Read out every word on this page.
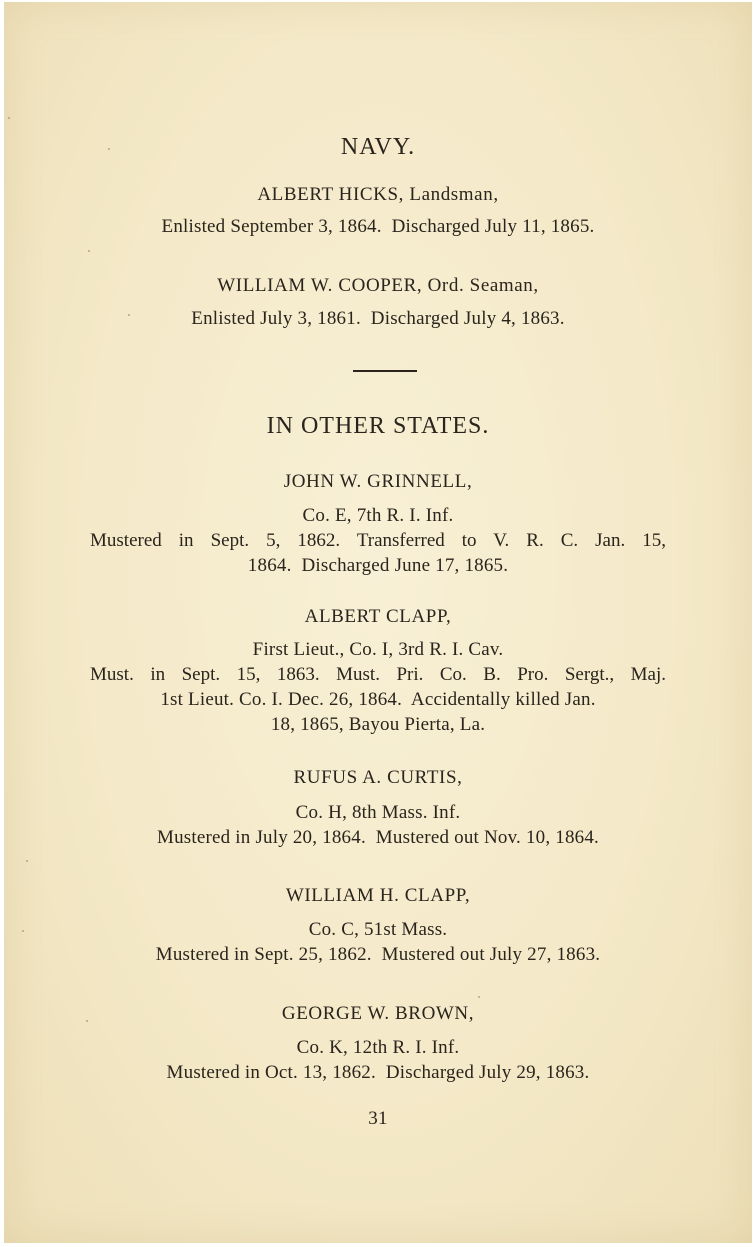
NAVY.
ALBERT HICKS, Landsman,
Enlisted September 3, 1864.  Discharged July 11, 1865.
WILLIAM W. COOPER, Ord. Seaman,
Enlisted July 3, 1861.  Discharged July 4, 1863.
IN OTHER STATES.
JOHN W. GRINNELL,
Co. E, 7th R. I. Inf.
Mustered in Sept. 5, 1862. Transferred to V. R. C. Jan. 15,
1864.  Discharged June 17, 1865.
ALBERT CLAPP,
First Lieut., Co. I, 3rd R. I. Cav.
Must. in Sept. 15, 1863. Must. Pri. Co. B. Pro. Sergt., Maj.
1st Lieut. Co. I. Dec. 26, 1864.  Accidentally killed Jan.
18, 1865, Bayou Pierta, La.
RUFUS A. CURTIS,
Co. H, 8th Mass. Inf.
Mustered in July 20, 1864.  Mustered out Nov. 10, 1864.
WILLIAM H. CLAPP,
Co. C, 51st Mass.
Mustered in Sept. 25, 1862.  Mustered out July 27, 1863.
GEORGE W. BROWN,
Co. K, 12th R. I. Inf.
Mustered in Oct. 13, 1862.  Discharged July 29, 1863.
31
